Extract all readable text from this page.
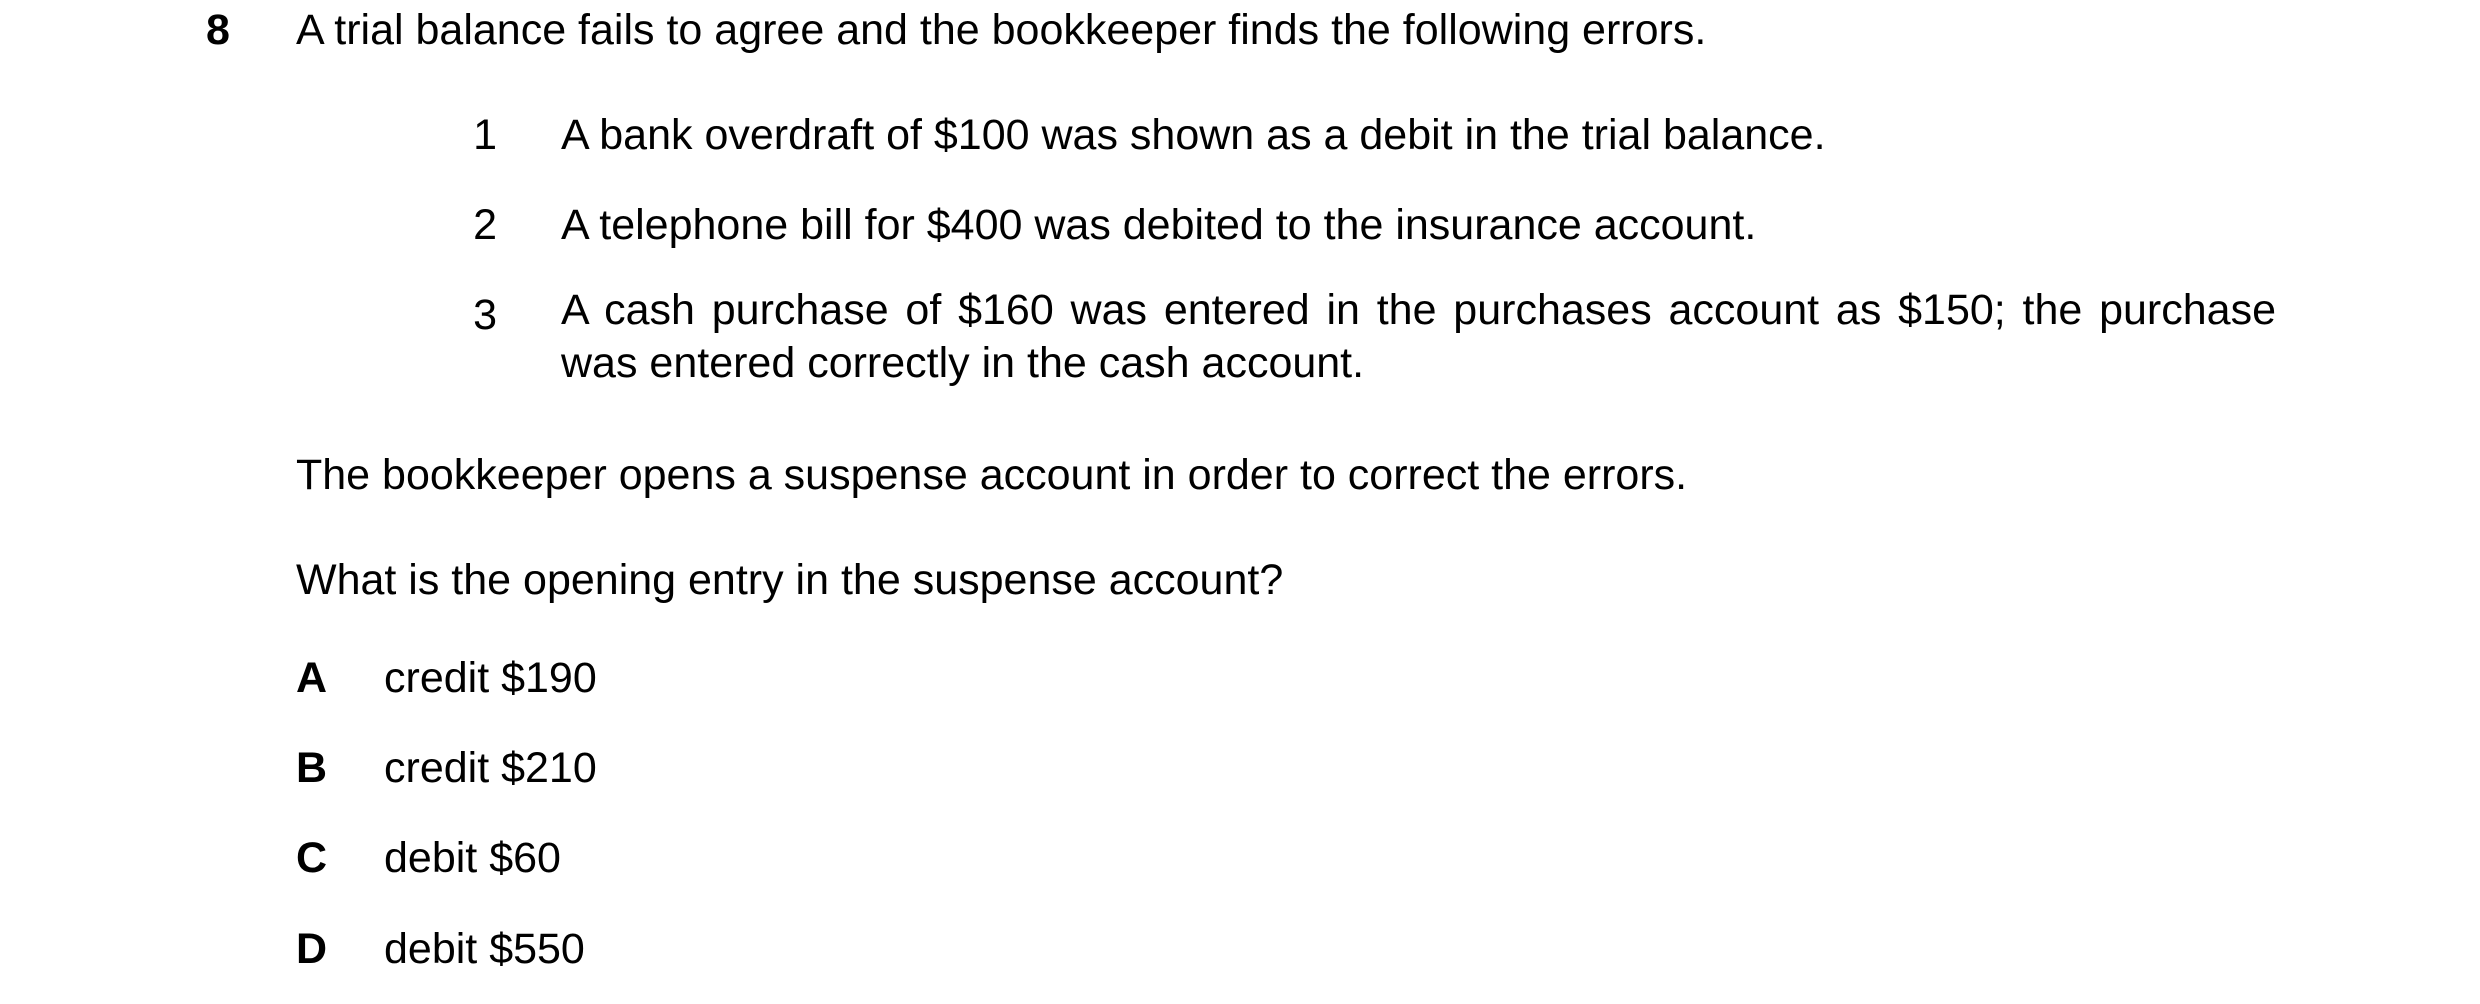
8 A trial balance fails to agree and the bookkeeper finds the following errors.
1 A bank overdraft of $100 was shown as a debit in the trial balance.
2 A telephone bill for $400 was debited to the insurance account.
3 A cash purchase of $160 was entered in the purchases account as $150; the purchase was entered correctly in the cash account.
The bookkeeper opens a suspense account in order to correct the errors.
What is the opening entry in the suspense account?
A credit $190
B credit $210
C debit $60
D debit $550
